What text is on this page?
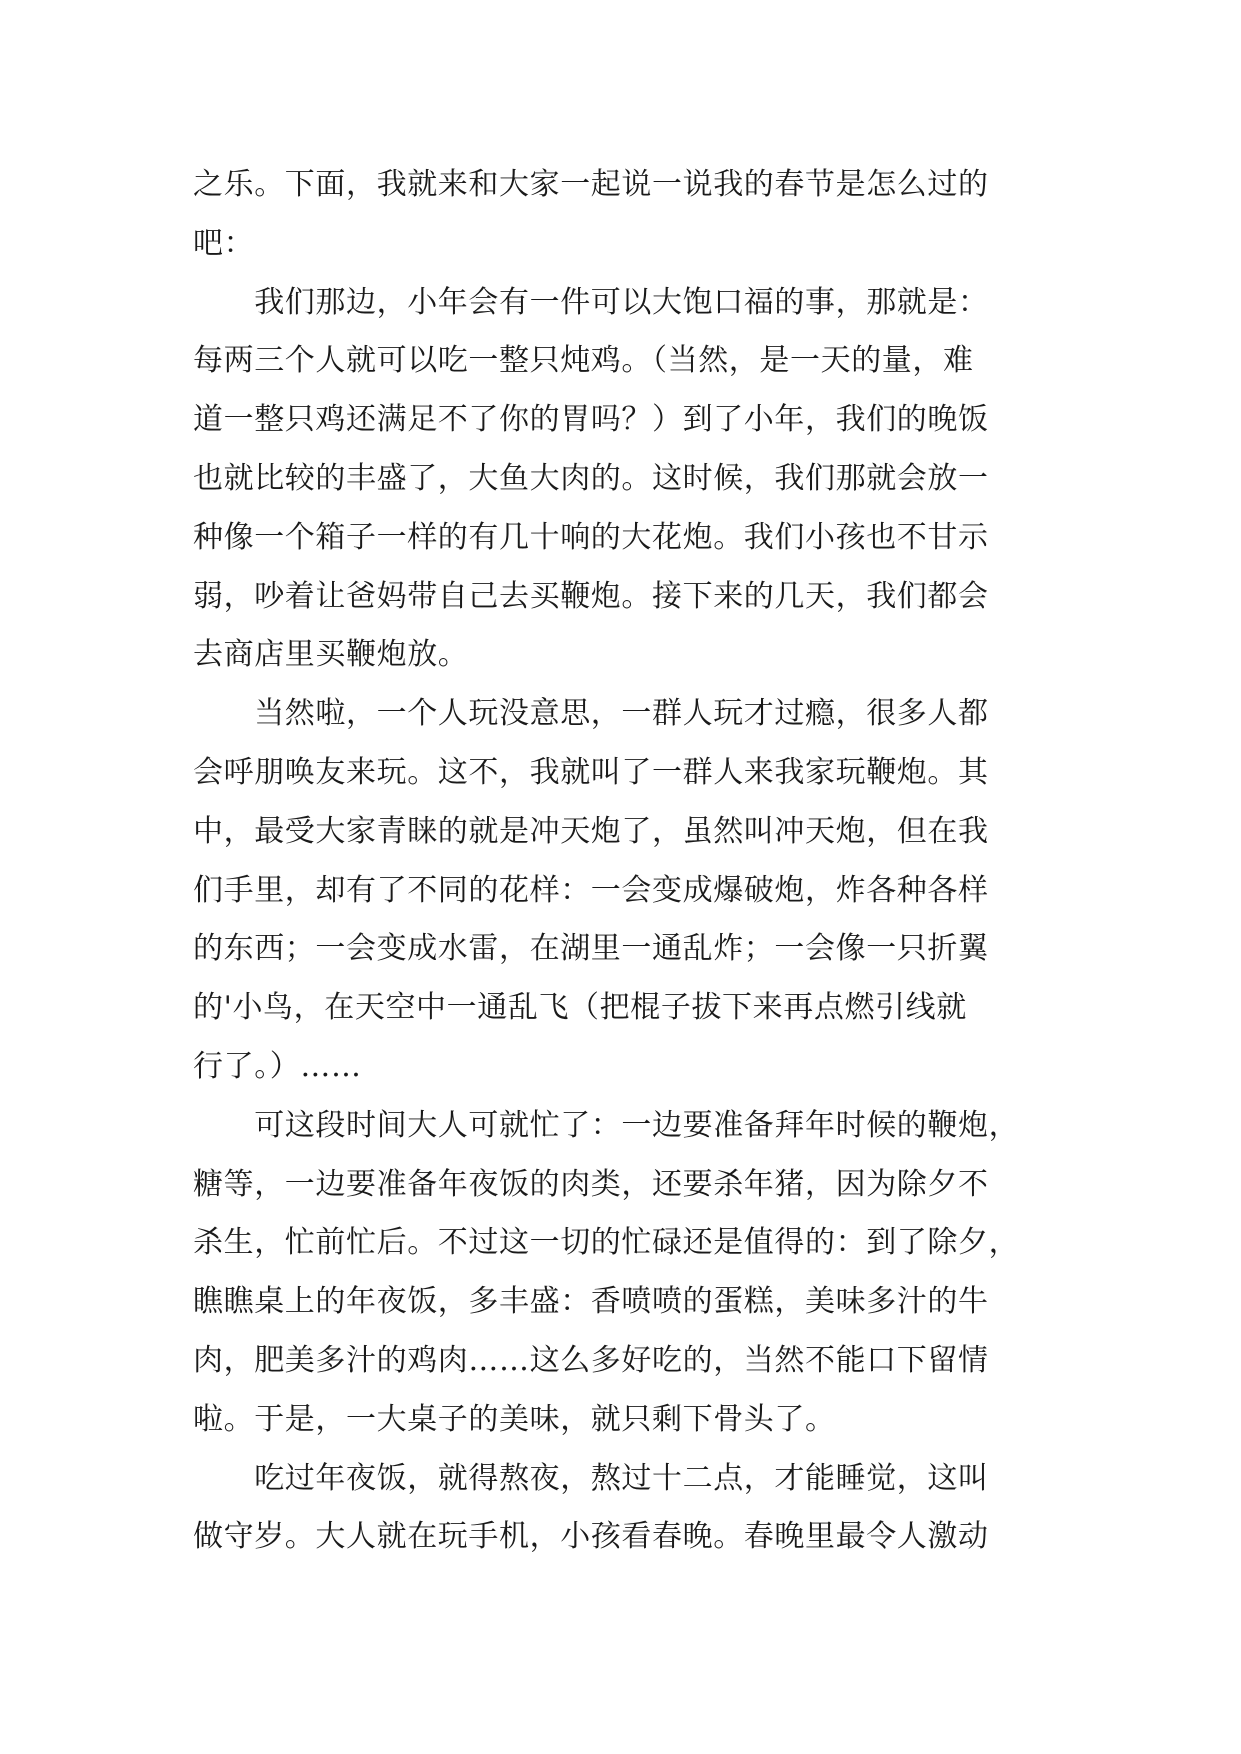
之乐。下面，我就来和大家一起说一说我的春节是怎么过的
吧：
　　我们那边，小年会有一件可以大饱口福的事，那就是：
每两三个人就可以吃一整只炖鸡。（当然，是一天的量，难
道一整只鸡还满足不了你的胃吗？）到了小年，我们的晚饭
也就比较的丰盛了，大鱼大肉的。这时候，我们那就会放一
种像一个箱子一样的有几十响的大花炮。我们小孩也不甘示
弱，吵着让爸妈带自己去买鞭炮。接下来的几天，我们都会
去商店里买鞭炮放。
　　当然啦，一个人玩没意思，一群人玩才过瘾，很多人都
会呼朋唤友来玩。这不，我就叫了一群人来我家玩鞭炮。其
中，最受大家青睐的就是冲天炮了，虽然叫冲天炮，但在我
们手里，却有了不同的花样：一会变成爆破炮，炸各种各样
的东西；一会变成水雷，在湖里一通乱炸；一会像一只折翼
的'小鸟，在天空中一通乱飞（把棍子拔下来再点燃引线就
行了。）……
　　可这段时间大人可就忙了：一边要准备拜年时候的鞭炮，
糖等，一边要准备年夜饭的肉类，还要杀年猪，因为除夕不
杀生，忙前忙后。不过这一切的忙碌还是值得的：到了除夕，
瞧瞧桌上的年夜饭，多丰盛：香喷喷的蛋糕，美味多汁的牛
肉，肥美多汁的鸡肉……这么多好吃的，当然不能口下留情
啦。于是，一大桌子的美味，就只剩下骨头了。
　　吃过年夜饭，就得熬夜，熬过十二点，才能睡觉，这叫
做守岁。大人就在玩手机，小孩看春晚。春晚里最令人激动
